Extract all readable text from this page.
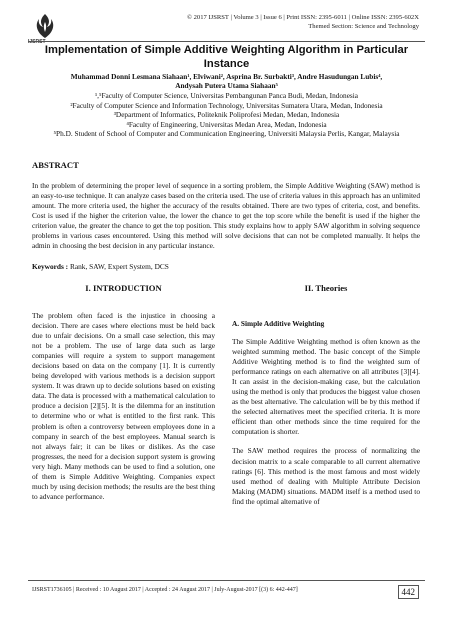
IJSRST
© 2017 IJSRST | Volume 3 | Issue 6 | Print ISSN: 2395-6011 | Online ISSN: 2395-602X
Themed Section: Science and Technology
Implementation of Simple Additive Weighting Algorithm in Particular Instance
Muhammad Donni Lesmana Siahaan¹, Elviwani², Asprina Br. Surbakti³, Andre Hasudungan Lubis⁴,
Andysah Putera Utama Siahaan⁵
¹,⁵Faculty of Computer Science, Universitas Pembangunan Panca Budi, Medan, Indonesia
²Faculty of Computer Science and Information Technology, Universitas Sumatera Utara, Medan, Indonesia
³Department of Informatics, Politeknik Poliprofesi Medan, Medan, Indonesia
⁴Faculty of Engineering, Universitas Medan Area, Medan, Indonesia
⁵Ph.D. Student of School of Computer and Communication Engineering, Universiti Malaysia Perlis, Kangar, Malaysia
ABSTRACT
In the problem of determining the proper level of sequence in a sorting problem, the Simple Additive Weighting (SAW) method is an easy-to-use technique. It can analyze cases based on the criteria used. The use of criteria values in this approach has an unlimited amount. The more criteria used, the higher the accuracy of the results obtained. There are two types of criteria, cost, and benefits. Cost is used if the higher the criterion value, the lower the chance to get the top score while the benefit is used if the higher the criterion value, the greater the chance to get the top position. This study explains how to apply SAW algorithm in solving sequence problems in various cases encountered. Using this method will solve decisions that can not be completed manually. It helps the admin in choosing the best decision in any particular instance.
Keywords : Rank, SAW, Expert System, DCS
I. INTRODUCTION
The problem often faced is the injustice in choosing a decision. There are cases where elections must be held back due to unfair decisions. On a small case selection, this may not be a problem. The use of large data such as large companies will require a system to support management decisions based on data on the company [1]. It is currently being developed with various methods is a decision support system. It was drawn up to decide solutions based on existing data. The data is processed with a mathematical calculation to produce a decision [2][5]. It is the dilemma for an institution to determine who or what is entitled to the first rank. This problem is often a controversy between employees done in a company in search of the best employees. Manual search is not always fair; it can be likes or dislikes. As the case progresses, the need for a decision support system is growing very high. Many methods can be used to find a solution, one of them is Simple Additive Weighting. Companies expect much by using decision methods; the results are the best thing to advance performance.
II. Theories
A. Simple Additive Weighting
The Simple Additive Weighting method is often known as the weighted summing method. The basic concept of the Simple Additive Weighting method is to find the weighted sum of performance ratings on each alternative on all attributes [3][4]. It can assist in the decision-making case, but the calculation using the method is only that produces the biggest value chosen as the best alternative. The calculation will be by this method if the selected alternatives meet the specified criteria. It is more efficient than other methods since the time required for the computation is shorter.
The SAW method requires the process of normalizing the decision matrix to a scale comparable to all current alternative ratings [6]. This method is the most famous and most widely used method of dealing with Multiple Attribute Decision Making (MADM) situations. MADM itself is a method used to find the optimal alternative of
IJSRST1736105 | Received : 10 August 2017 | Accepted : 24 August 2017 | July-August-2017 [(3) 6: 442-447]	442
